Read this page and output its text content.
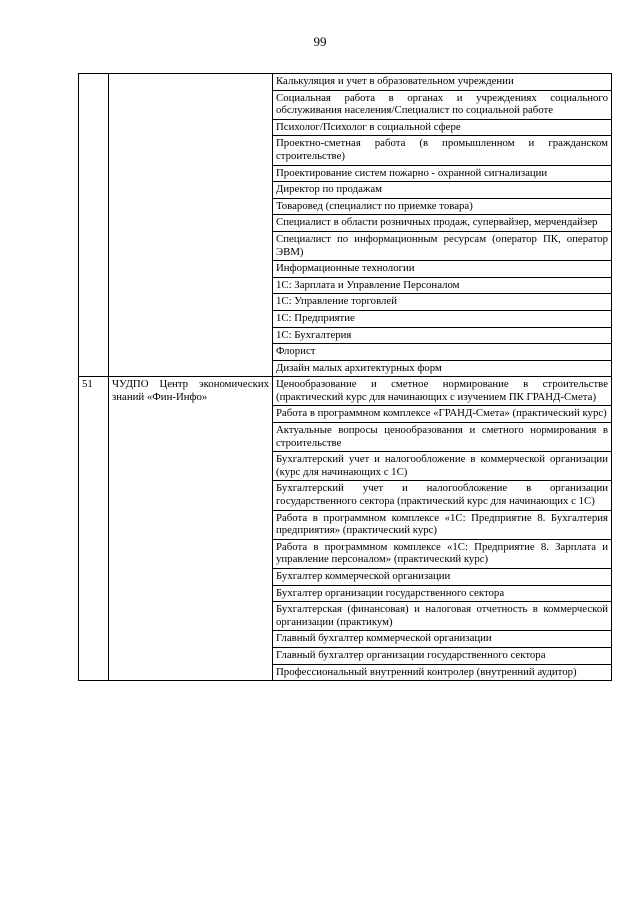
99
		Калькуляция и учет в образовательном учреждении
		Социальная работа в органах и учреждениях социального обслуживания населения/Специалист по социальной работе
		Психолог/Психолог в социальной сфере
		Проектно-сметная работа (в промышленном и гражданском строительстве)
		Проектирование систем пожарно - охранной сигнализации
		Директор по продажам
		Товаровед (специалист по приемке товара)
		Специалист в области розничных продаж, супервайзер, мерчендайзер
		Специалист по информационным ресурсам (оператор ПК, оператор ЭВМ)
		Информационные технологии
		1С: Зарплата и Управление Персоналом
		1С: Управление торговлей
		1С: Предприятие
		1С: Бухгалтерия
		Флорист
		Дизайн малых архитектурных форм
51	ЧУДПО Центр экономических знаний «Фин-Инфо»	Ценообразование и сметное нормирование в строительстве (практический курс для начинающих с изучением ПК ГРАНД-Смета)
		Работа в программном комплексе «ГРАНД-Смета» (практический курс)
		Актуальные вопросы ценообразования и сметного нормирования в строительстве
		Бухгалтерский учет и налогообложение в коммерческой организации (курс для начинающих с 1С)
		Бухгалтерский учет и налогообложение в организации государственного сектора (практический курс для начинающих с 1С)
		Работа в программном комплексе «1С: Предприятие 8. Бухгалтерия предприятия» (практический курс)
		Работа в программном комплексе «1С: Предприятие 8. Зарплата и управление персоналом» (практический курс)
		Бухгалтер коммерческой организации
		Бухгалтер организации государственного сектора
		Бухгалтерская (финансовая) и налоговая отчетность в коммерческой организации (практикум)
		Главный бухгалтер коммерческой организации
		Главный бухгалтер организации государственного сектора
		Профессиональный внутренний контролер (внутренний аудитор)
